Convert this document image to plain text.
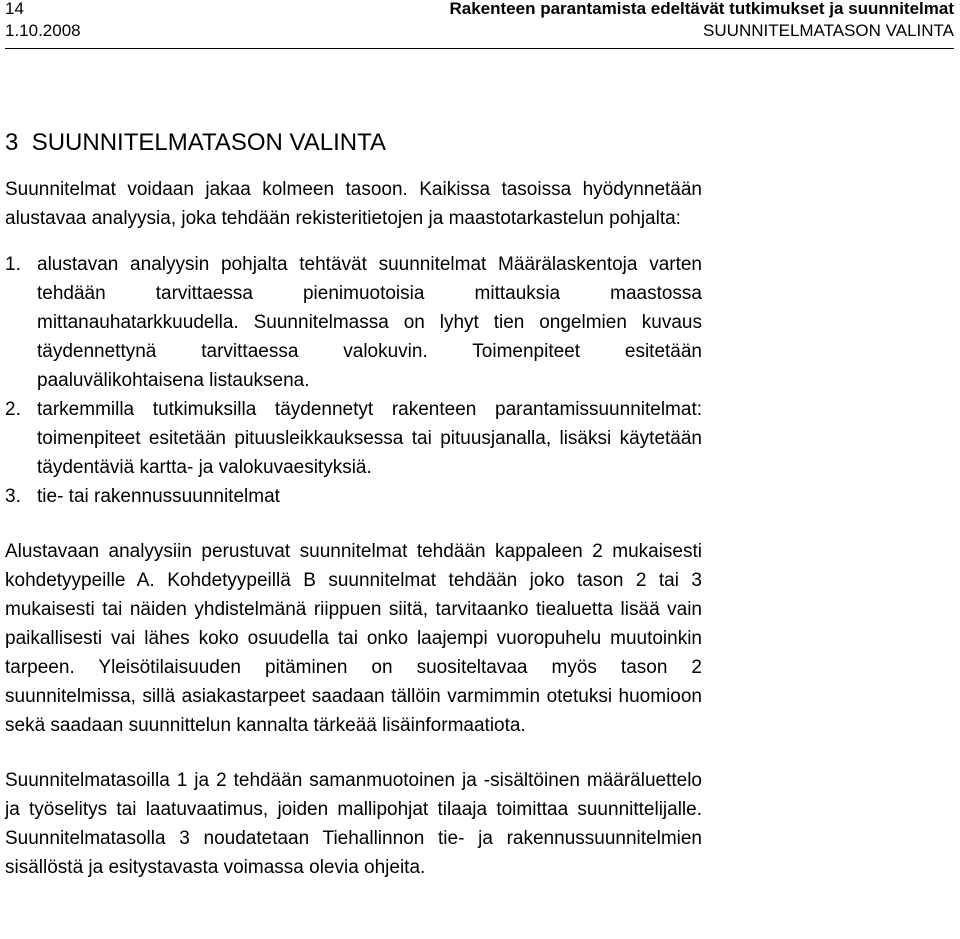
14	Rakenteen parantamista edeltävät tutkimukset ja suunnitelmat
1.10.2008	SUUNNITELMATASON VALINTA
3 SUUNNITELMATASON VALINTA

Suunnitelmat voidaan jakaa kolmeen tasoon. Kaikissa tasoissa hyödynnetään alustavaa analyysia, joka tehdään rekisteritietojen ja maastotarkastelun pohjalta:

1. alustavan analyysin pohjalta tehtävät suunnitelmat Määrälaskentoja varten tehdään tarvittaessa pienimuotoisia mittauksia maastossa mittanauhatarkkuudella. Suunnitelmassa on lyhyt tien ongelmien kuvaus täydennettynä tarvittaessa valokuvin. Toimenpiteet esitetään paaluvälikohtaisena listauksena.
2. tarkemmilla tutkimuksilla täydennetyt rakenteen parantamissuunnitelmat: toimenpiteet esitetään pituusleikkauksessa tai pituusjanalla, lisäksi käytetään täydentäviä kartta- ja valokuvaesityksiä.
3. tie- tai rakennussuunnitelmat

Alustavaan analyysiin perustuvat suunnitelmat tehdään kappaleen 2 mukaisesti kohdetyypeille A. Kohdetyypeillä B suunnitelmat tehdään joko tason 2 tai 3 mukaisesti tai näiden yhdistelmänä riippuen siitä, tarvitaanko tiealuetta lisää vain paikallisesti vai lähes koko osuudella tai onko laajempi vuoropuhelu muutoinkin tarpeen. Yleisötilaisuuden pitäminen on suositeltavaa myös tason 2 suunnitelmissa, sillä asiakastarpeet saadaan tällöin varmimmin otetuksi huomioon sekä saadaan suunnittelun kannalta tärkeää lisäinformaatiota.

Suunnitelmatasoilla 1 ja 2 tehdään samanmuotoinen ja -sisältöinen määräluettelo ja työselitys tai laatuvaatimus, joiden mallipohjat tilaaja toimittaa suunnittelijalle. Suunnitelmatasolla 3 noudatetaan Tiehallinnon tie- ja rakennussuunnitelmien sisällöstä ja esitystavasta voimassa olevia ohjeita.
